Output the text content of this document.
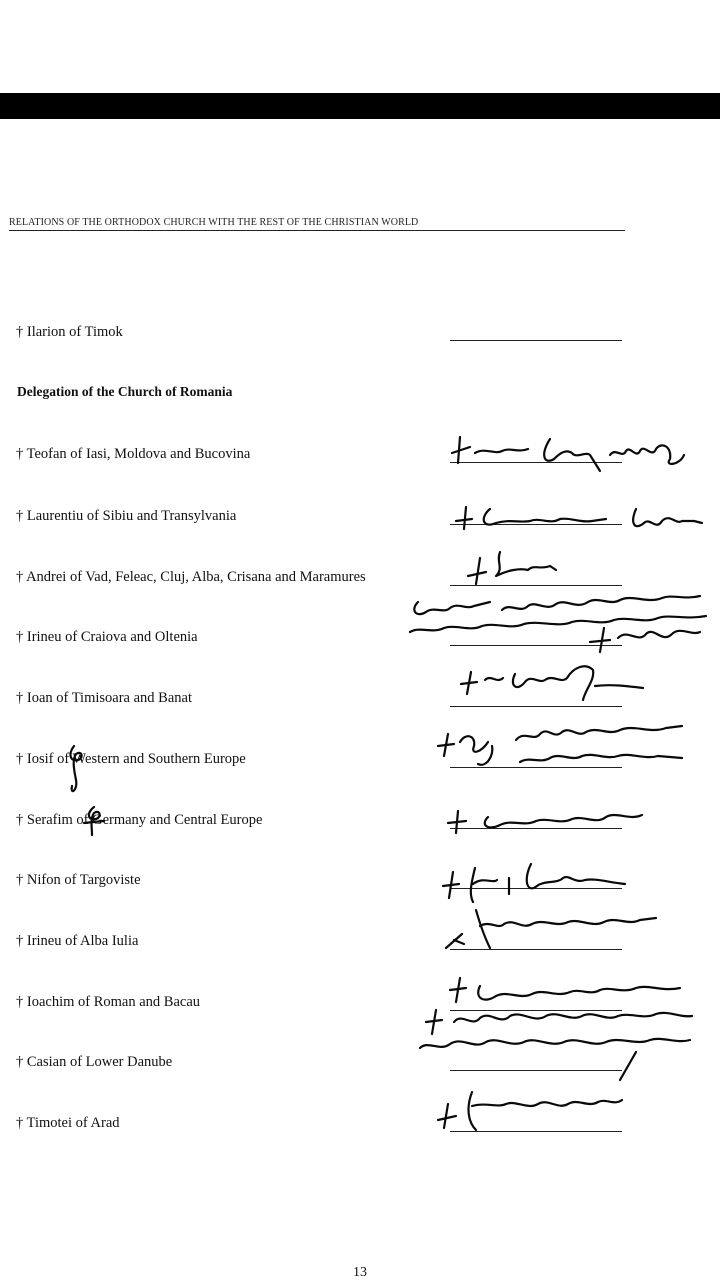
RELATIONS OF THE ORTHODOX CHURCH WITH THE REST OF THE CHRISTIAN WORLD
† Ilarion of Timok
Delegation of the Church of Romania
† Teofan of Iasi, Moldova and Bucovina
† Laurentiu of Sibiu and Transylvania
† Andrei of Vad, Feleac, Cluj, Alba, Crisana and Maramures
† Irineu of Craiova and Oltenia
† Ioan of Timisoara and Banat
† Iosif of Western and Southern Europe
† Serafim of Germany and Central Europe
† Nifon of Targoviste
† Irineu of Alba Iulia
† Ioachim of Roman and Bacau
† Casian of Lower Danube
† Timotei of Arad
13
